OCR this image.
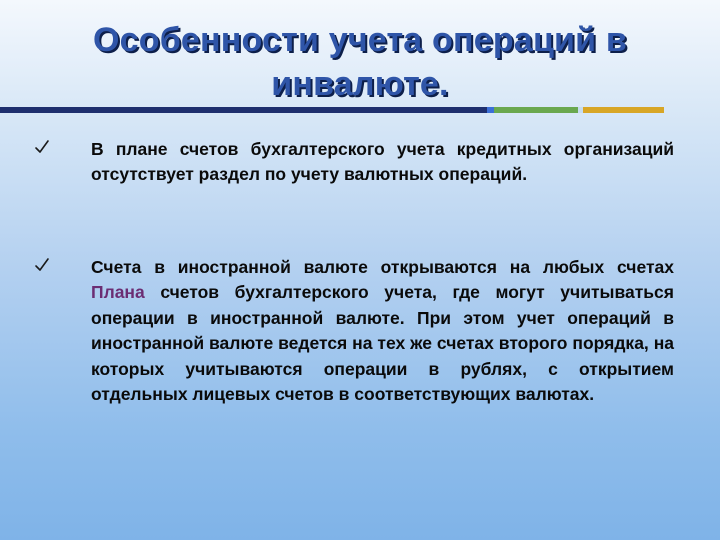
Особенности учета операций в
инвалюте.
В плане счетов бухгалтерского учета кредитных организаций отсутствует раздел по учету валютных операций.
Счета в иностранной валюте открываются на любых счетах Плана счетов бухгалтерского учета, где могут учитываться операции в иностранной валюте. При этом учет операций в иностранной валюте ведется на тех же счетах второго порядка, на которых учитываются операции в рублях, с открытием отдельных лицевых счетов в соответствующих валютах.
